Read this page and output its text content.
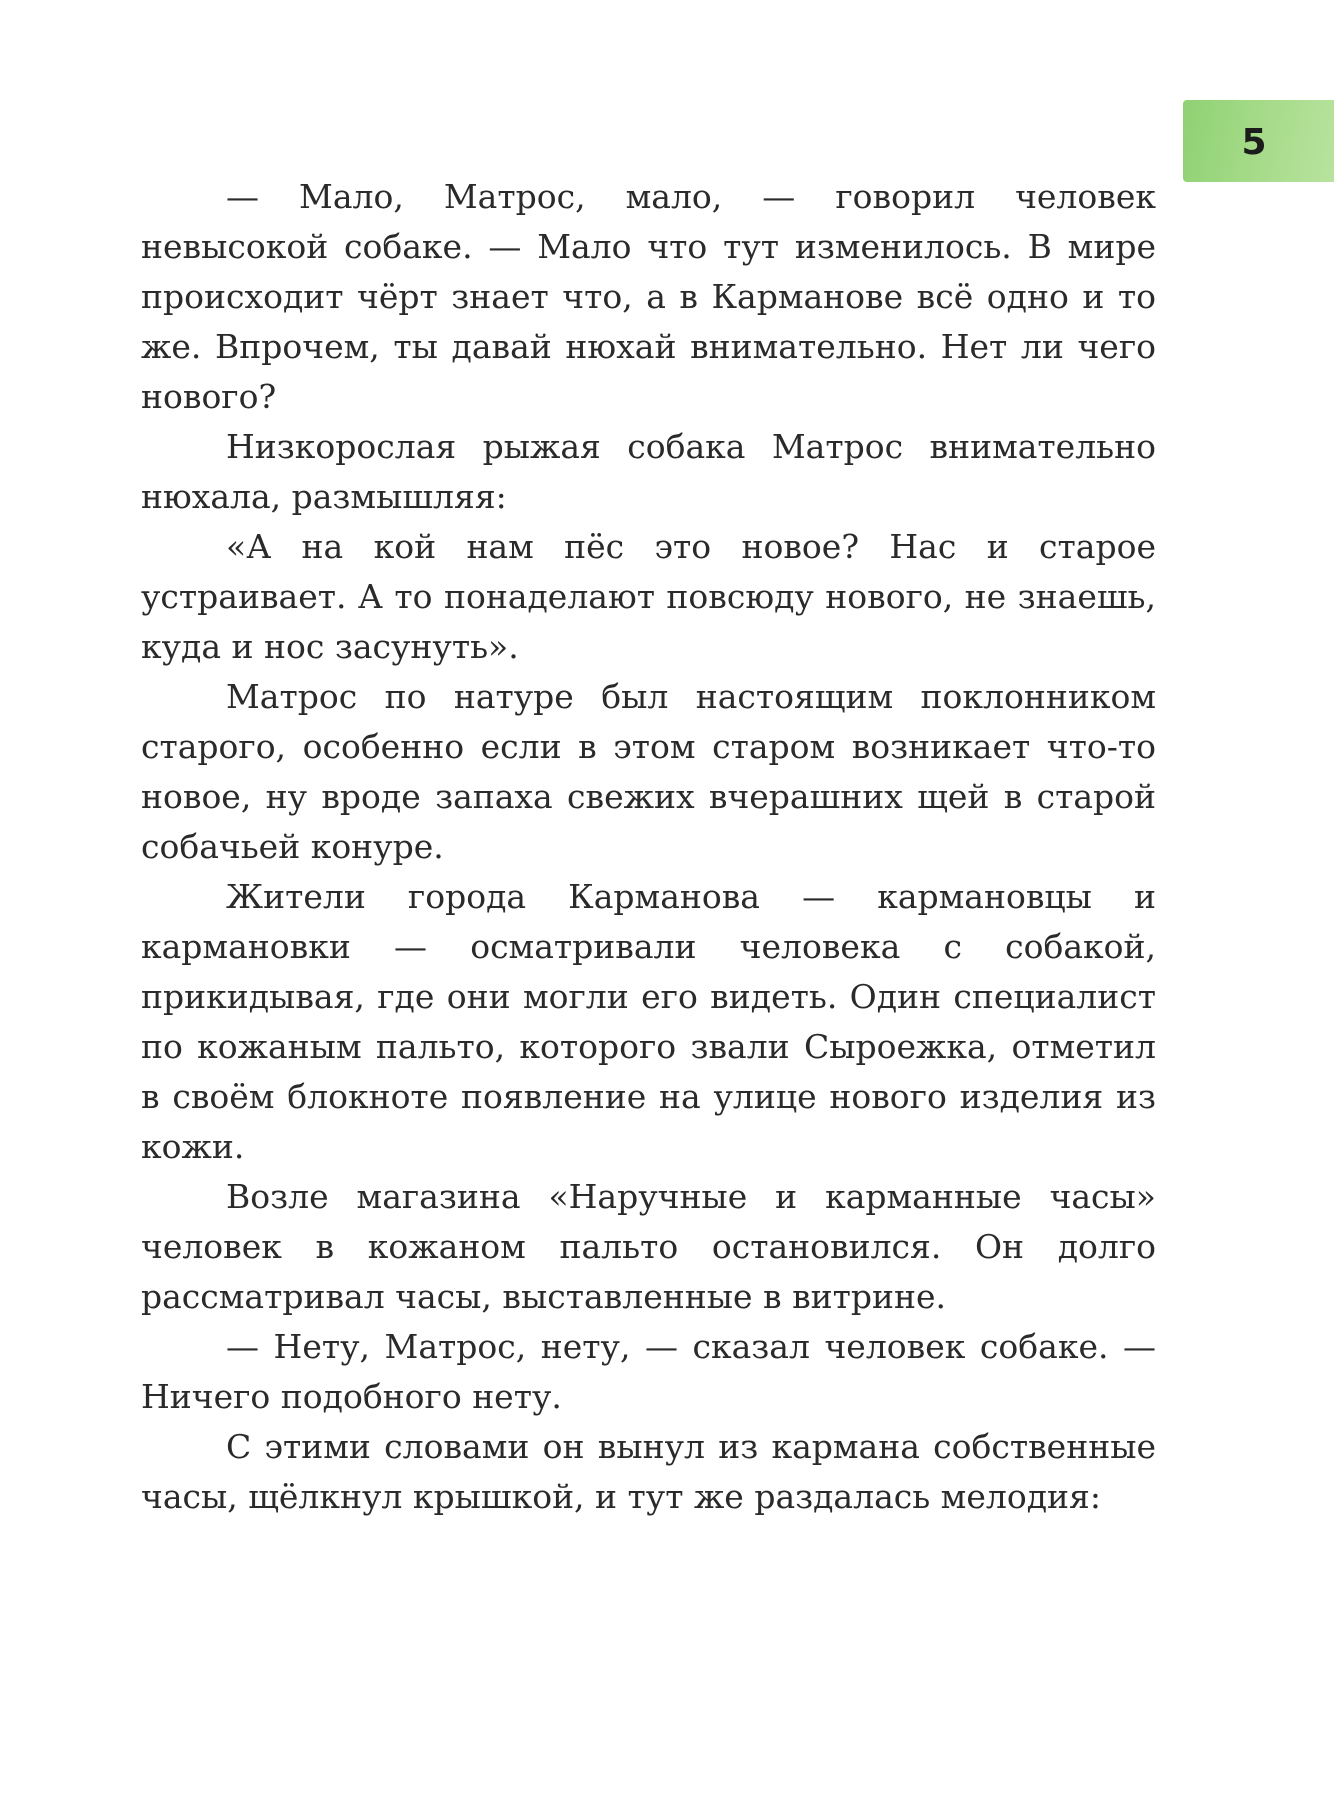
5

— Мало, Матрос, мало, — говорил человек невысокой собаке. — Мало что тут изменилось. В мире происходит чёрт знает что, а в Карманове всё одно и то же. Впрочем, ты давай нюхай внимательно. Нет ли чего нового?

Низкорослая рыжая собака Матрос внимательно нюхала, размышляя:

«А на кой нам пёс это новое? Нас и старое устраивает. А то понаделают повсюду нового, не знаешь, куда и нос засунуть».

Матрос по натуре был настоящим поклонником старого, особенно если в этом старом возникает что-то новое, ну вроде запаха свежих вчерашних щей в старой собачьей конуре.

Жители города Карманова — кармановцы и кармановки — осматривали человека с собакой, прикидывая, где они могли его видеть. Один специалист по кожаным пальто, которого звали Сыроежка, отметил в своём блокноте появление на улице нового изделия из кожи.

Возле магазина «Наручные и карманные часы» человек в кожаном пальто остановился. Он долго рассматривал часы, выставленные в витрине.

— Нету, Матрос, нету, — сказал человек собаке. — Ничего подобного нету.

С этими словами он вынул из кармана собственные часы, щёлкнул крышкой, и тут же раздалась мелодия:
